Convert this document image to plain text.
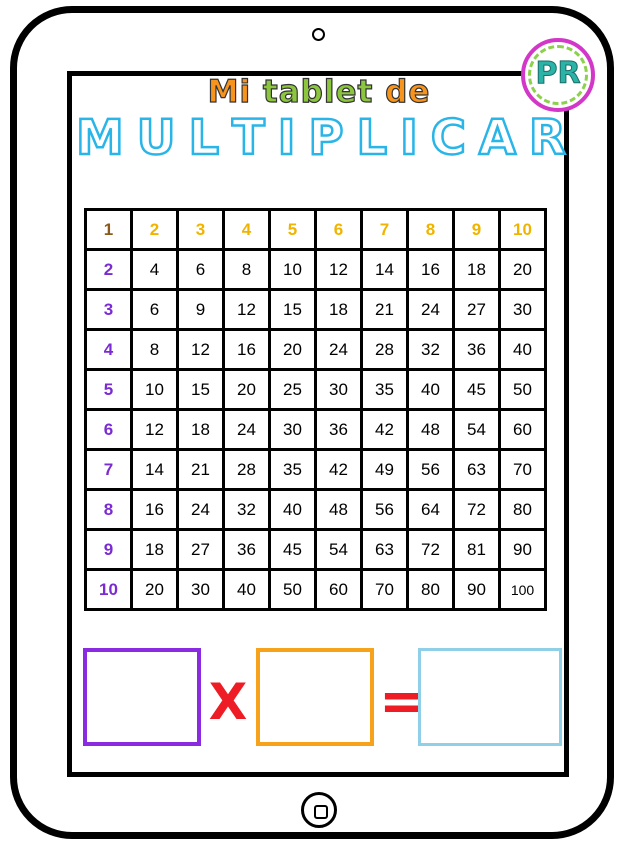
Mi tablet de
M U L T I P L I C A R
PR
1	2	3	4	5	6	7	8	9	10
2	4	6	8	10	12	14	16	18	20
3	6	9	12	15	18	21	24	27	30
4	8	12	16	20	24	28	32	36	40
5	10	15	20	25	30	35	40	45	50
6	12	18	24	30	36	42	48	54	60
7	14	21	28	35	42	49	56	63	70
8	16	24	32	40	48	56	64	72	80
9	18	27	36	45	54	63	72	81	90
10	20	30	40	50	60	70	80	90	100
X =
